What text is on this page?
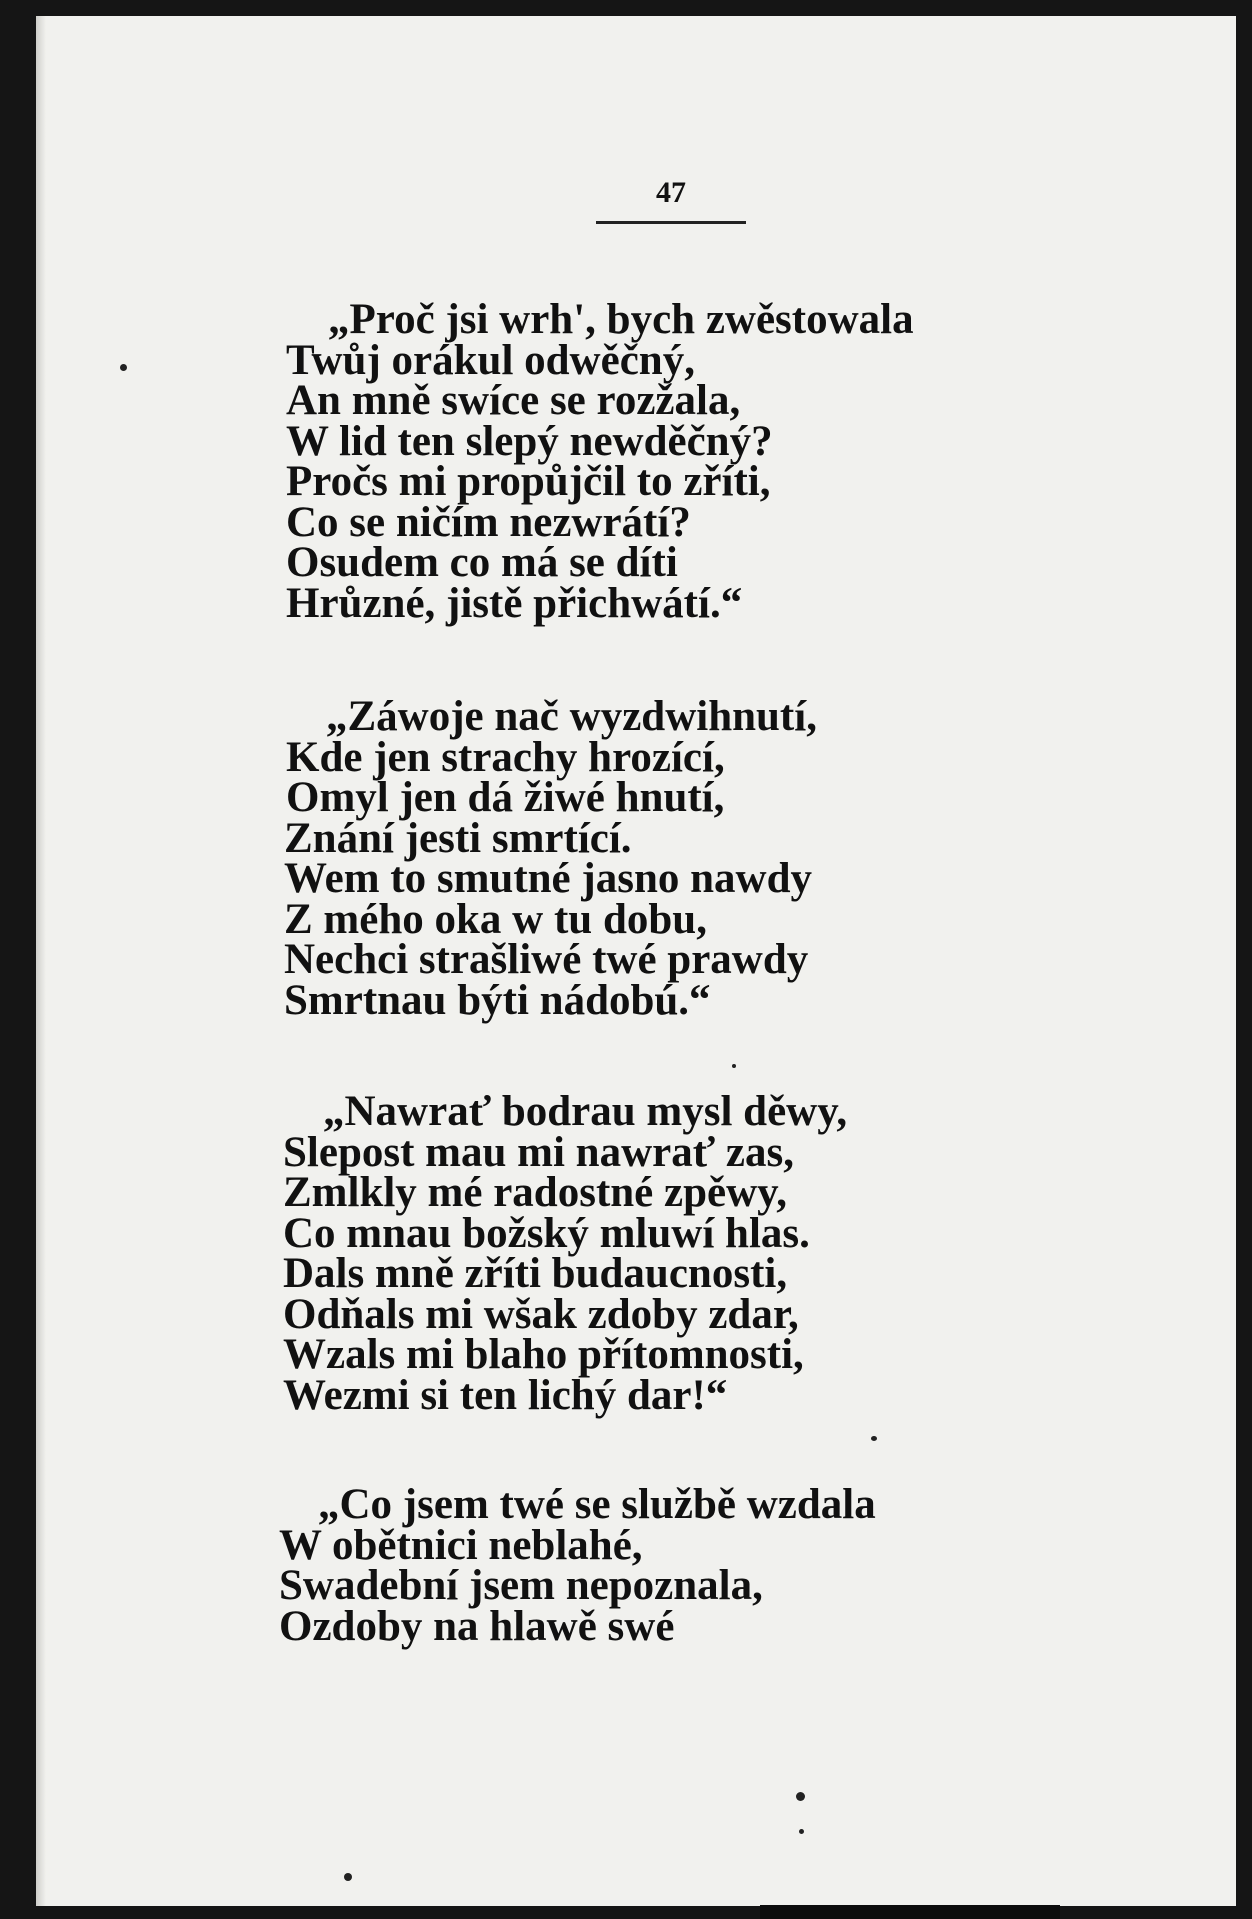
47
„Proč jsi wrh', bych zwěstowala
Twůj orákul odwěčný,
An mně swíce se rozžala,
W lid ten slepý newděčný?
Pročs mi propůjčil to zříti,
Co se ničím nezwrátí?
Osudem co má se díti
Hrůzné, jistě přichwátí.“
„Záwoje nač wyzdwihnutí,
Kde jen strachy hrozící,
Omyl jen dá žiwé hnutí,
Znání jesti smrtící.
Wem to smutné jasno nawdy
Z mého oka w tu dobu,
Nechci strašliwé twé prawdy
Smrtnau býti nádobú.“
„Nawrať bodrau mysl děwy,
Slepost mau mi nawrať zas,
Zmlkly mé radostné zpěwy,
Co mnau božský mluwí hlas.
Dals mně zříti budaucnosti,
Odňals mi wšak zdoby zdar,
Wzals mi blaho přítomnosti,
Wezmi si ten lichý dar!“
„Co jsem twé se službě wzdala
W obětnici neblahé,
Swadební jsem nepoznala,
Ozdoby na hlawě swé
